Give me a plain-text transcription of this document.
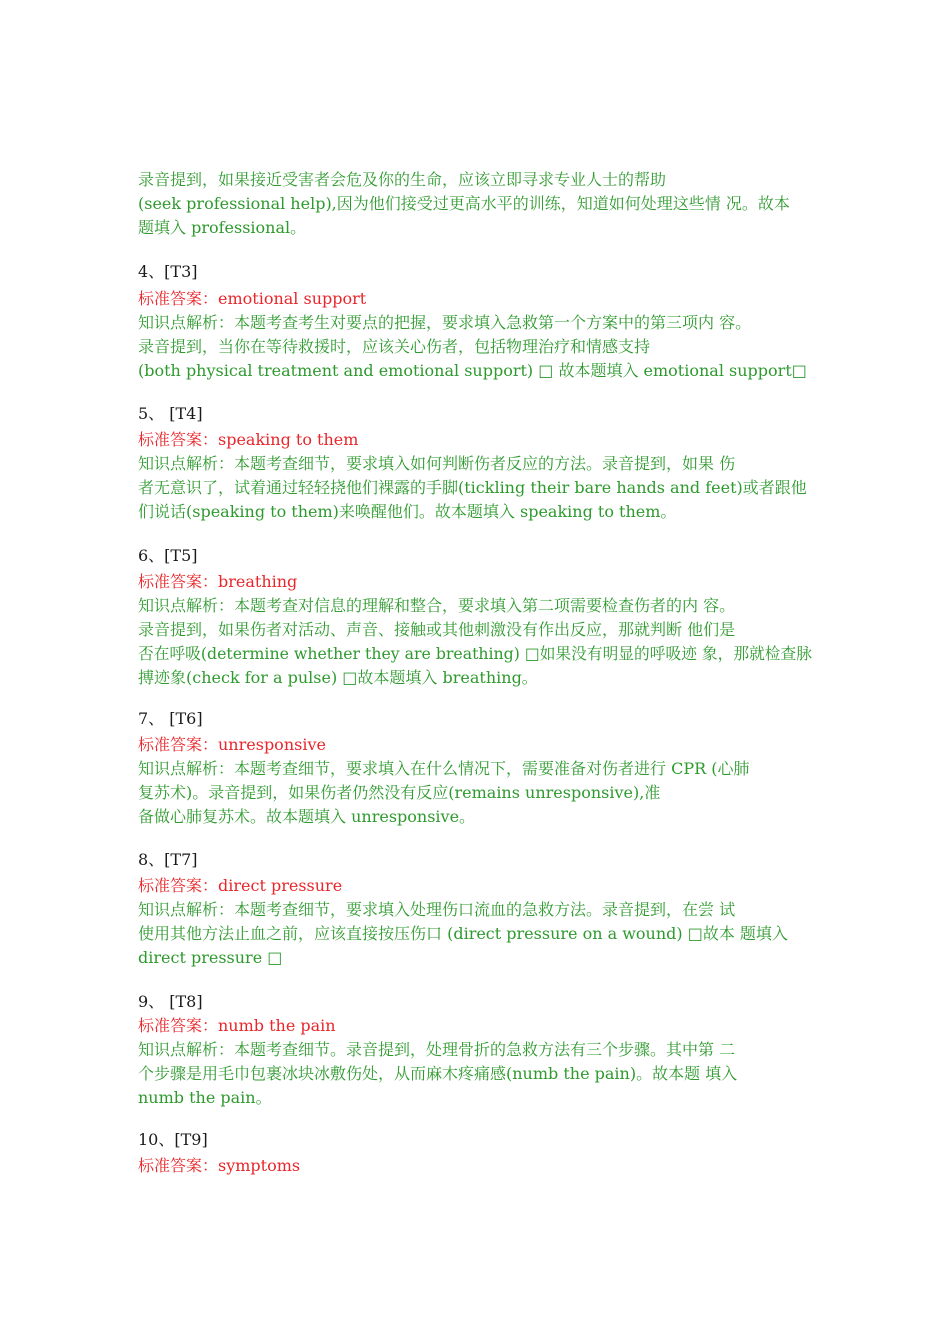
录音提到，如果接近受害者会危及你的生命，应该立即寻求专业人士的帮助
(seek professional help),因为他们接受过更高水平的训练，知道如何处理这些情 况。故本
题填入 professional。
4、[T3]
标准答案：emotional support
知识点解析：本题考查考生对要点的把握，要求填入急救第一个方案中的第三项内 容。
录音提到，当你在等待救援时，应该关心伤者，包括物理治疗和情感支持
(both physical treatment and emotional support) □ 故本题填入 emotional support□
5、 [T4]
标准答案：speaking to them
知识点解析：本题考查细节，要求填入如何判断伤者反应的方法。录音提到，如果 伤
者无意识了，试着通过轻轻挠他们裸露的手脚(tickling their bare hands and feet)或者跟他
们说话(speaking to them)来唤醒他们。故本题填入 speaking to them。
6、[T5]
标准答案：breathing
知识点解析：本题考查对信息的理解和整合，要求填入第二项需要检查伤者的内 容。
录音提到，如果伤者对活动、声音、接触或其他刺激没有作出反应，那就判断 他们是
否在呼吸(determine whether they are breathing) □如果没有明显的呼吸迹 象，那就检查脉
搏迹象(check for a pulse) □故本题填入 breathing。
7、 [T6]
标准答案：unresponsive
知识点解析：本题考查细节，要求填入在什么情况下，需要准备对伤者进行 CPR (心肺
复苏术)。录音提到，如果伤者仍然没有反应(remains unresponsive),准
备做心肺复苏术。故本题填入 unresponsive。
8、[T7]
标准答案：direct pressure
知识点解析：本题考查细节，要求填入处理伤口流血的急救方法。录音提到，在尝 试
使用其他方法止血之前，应该直接按压伤口 (direct pressure on a wound) □故本 题填入
direct pressure □
9、 [T8]
标准答案：numb the pain
知识点解析：本题考查细节。录音提到，处理骨折的急救方法有三个步骤。其中第 二
个步骤是用毛巾包裹冰块冰敷伤处，从而麻木疼痛感(numb the pain)。故本题 填入
numb the pain。
10、[T9]
标准答案：symptoms
